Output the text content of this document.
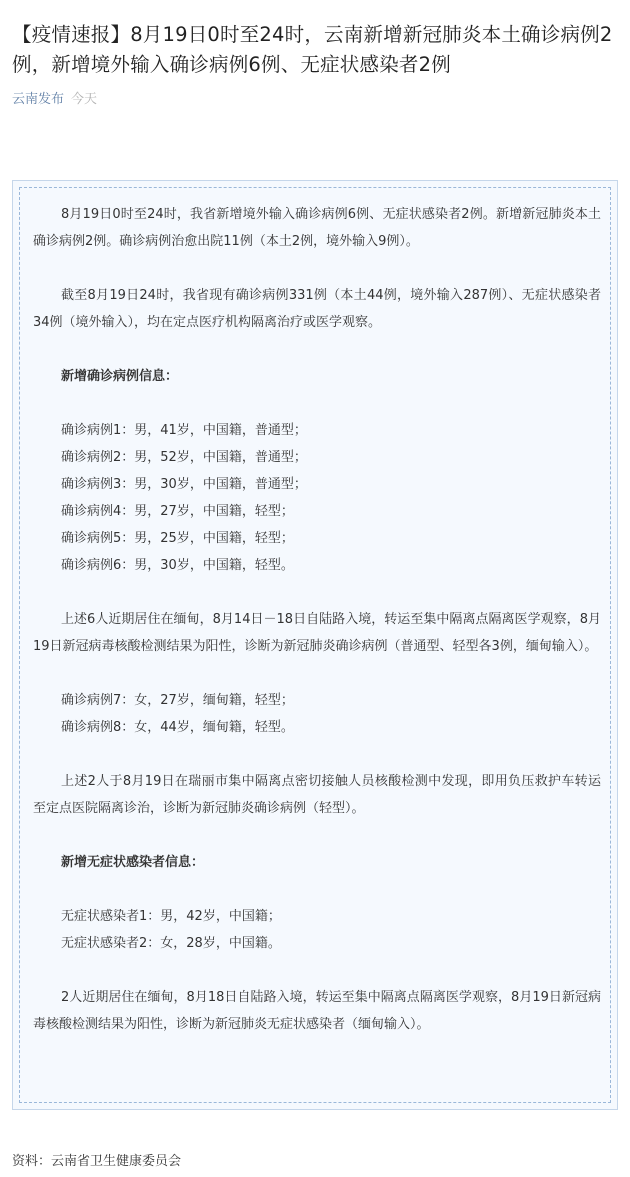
【疫情速报】8月19日0时至24时，云南新增新冠肺炎本土确诊病例2例，新增境外输入确诊病例6例、无症状感染者2例
云南发布 今天

8月19日0时至24时，我省新增境外输入确诊病例6例、无症状感染者2例。新增新冠肺炎本土确诊病例2例。确诊病例治愈出院11例（本土2例，境外输入9例）。

截至8月19日24时，我省现有确诊病例331例（本土44例，境外输入287例）、无症状感染者34例（境外输入），均在定点医疗机构隔离治疗或医学观察。

新增确诊病例信息：

确诊病例1：男，41岁，中国籍，普通型；

确诊病例2：男，52岁，中国籍，普通型；

确诊病例3：男，30岁，中国籍，普通型；

确诊病例4：男，27岁，中国籍，轻型；

确诊病例5：男，25岁，中国籍，轻型；

确诊病例6：男，30岁，中国籍，轻型。

上述6人近期居住在缅甸，8月14日－18日自陆路入境，转运至集中隔离点隔离医学观察，8月19日新冠病毒核酸检测结果为阳性，诊断为新冠肺炎确诊病例（普通型、轻型各3例，缅甸输入）。

确诊病例7：女，27岁，缅甸籍，轻型；

确诊病例8：女，44岁，缅甸籍，轻型。

上述2人于8月19日在瑞丽市集中隔离点密切接触人员核酸检测中发现，即用负压救护车转运至定点医院隔离诊治，诊断为新冠肺炎确诊病例（轻型）。

新增无症状感染者信息：

无症状感染者1：男，42岁，中国籍；

无症状感染者2：女，28岁，中国籍。

2人近期居住在缅甸，8月18日自陆路入境，转运至集中隔离点隔离医学观察，8月19日新冠病毒核酸检测结果为阳性，诊断为新冠肺炎无症状感染者（缅甸输入）。

资料：云南省卫生健康委员会
